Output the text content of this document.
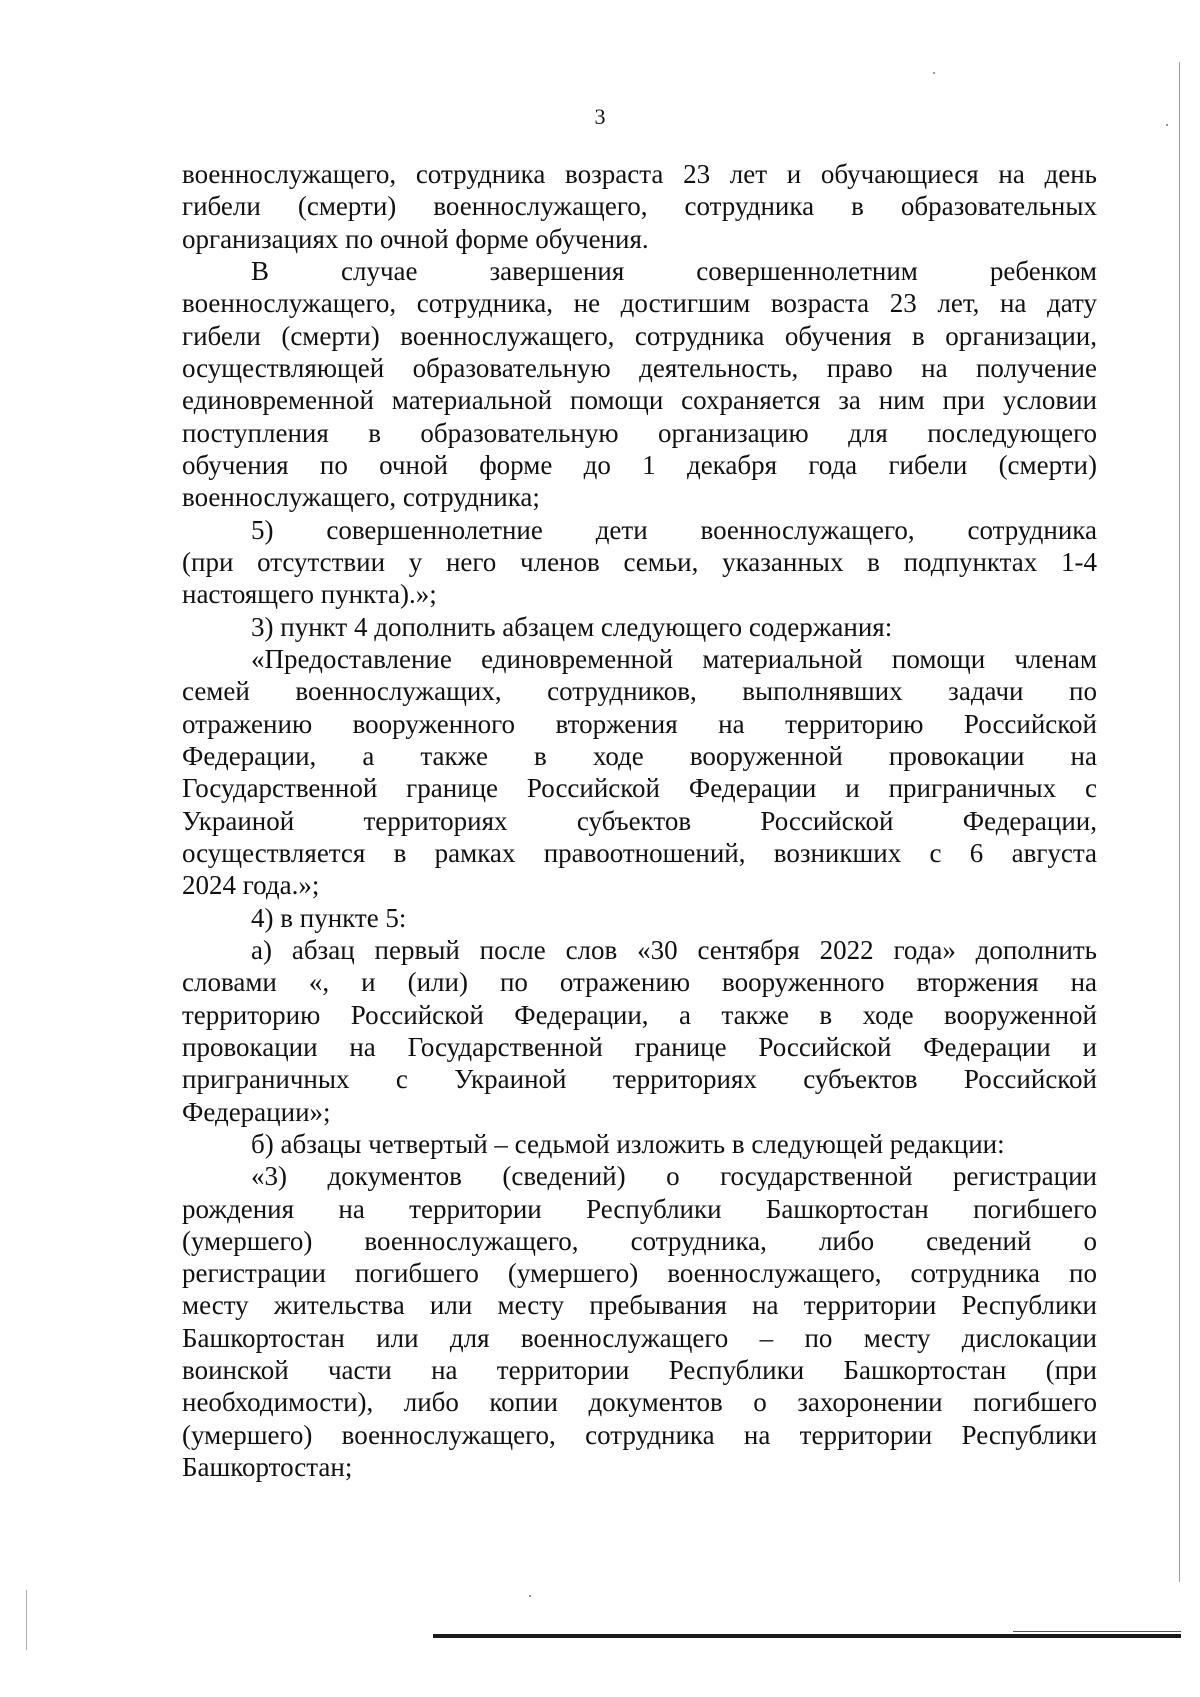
3
военнослужащего, сотрудника возраста 23 лет и обучающиеся на день
гибели (смерти) военнослужащего, сотрудника в образовательных
организациях по очной форме обучения.
В случае завершения совершеннолетним ребенком
военнослужащего, сотрудника, не достигшим возраста 23 лет, на дату
гибели (смерти) военнослужащего, сотрудника обучения в организации,
осуществляющей образовательную деятельность, право на получение
единовременной материальной помощи сохраняется за ним при условии
поступления в образовательную организацию для последующего
обучения по очной форме до 1 декабря года гибели (смерти)
военнослужащего, сотрудника;
5) совершеннолетние дети военнослужащего, сотрудника
(при отсутствии у него членов семьи, указанных в подпунктах 1-4
настоящего пункта).»;
3) пункт 4 дополнить абзацем следующего содержания:
«Предоставление единовременной материальной помощи членам
семей военнослужащих, сотрудников, выполнявших задачи по
отражению вооруженного вторжения на территорию Российской
Федерации, а также в ходе вооруженной провокации на
Государственной границе Российской Федерации и приграничных с
Украиной территориях субъектов Российской Федерации,
осуществляется в рамках правоотношений, возникших с 6 августа
2024 года.»;
4) в пункте 5:
а) абзац первый после слов «30 сентября 2022 года» дополнить
словами «, и (или) по отражению вооруженного вторжения на
территорию Российской Федерации, а также в ходе вооруженной
провокации на Государственной границе Российской Федерации и
приграничных с Украиной территориях субъектов Российской
Федерации»;
б) абзацы четвертый – седьмой изложить в следующей редакции:
«3) документов (сведений) о государственной регистрации
рождения на территории Республики Башкортостан погибшего
(умершего) военнослужащего, сотрудника, либо сведений о
регистрации погибшего (умершего) военнослужащего, сотрудника по
месту жительства или месту пребывания на территории Республики
Башкортостан или для военнослужащего – по месту дислокации
воинской части на территории Республики Башкортостан (при
необходимости), либо копии документов о захоронении погибшего
(умершего) военнослужащего, сотрудника на территории Республики
Башкортостан;
